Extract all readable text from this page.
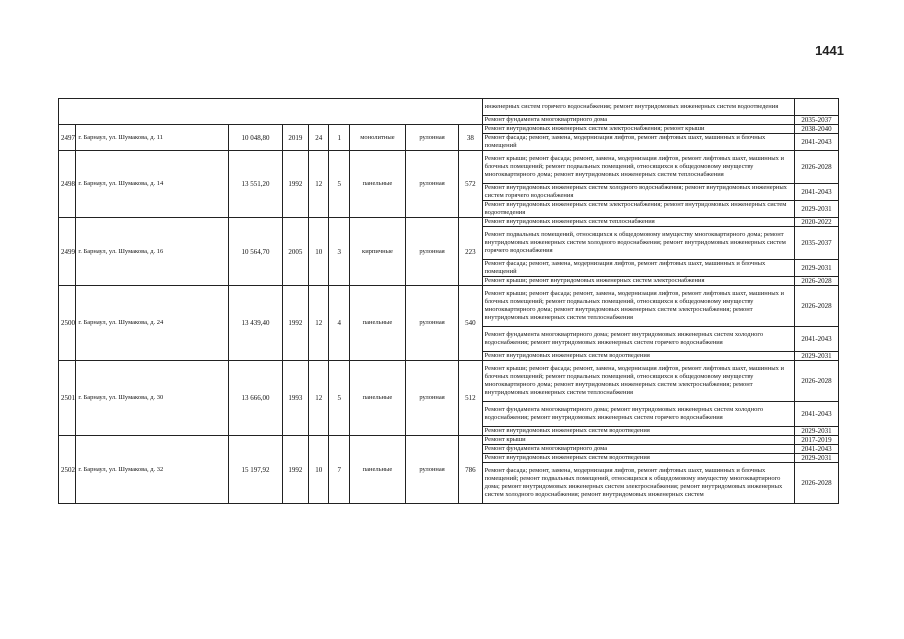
1441
									инженерных систем горячего водоснабжения; ремонт внутридомовых инженерных систем водоотведения	
									Ремонт фундамента многоквартирного дома	2035-2037
2497	г. Барнаул, ул. Шумакова, д. 11	10 048,80	2019	24	1	монолитные	рулонная	38	Ремонт внутридомовых инженерных систем электроснабжения; ремонт крыши	2038-2040
									Ремонт фасада; ремонт, замена, модернизация лифтов, ремонт лифтовых шахт, машинных и блочных помещений	2041-2043
2498	г. Барнаул, ул. Шумакова, д. 14	13 551,20	1992	12	5	панельные	рулонная	572	Ремонт крыши; ремонт фасада; ремонт, замена, модернизация лифтов, ремонт лифтовых шахт, машинных и блочных помещений; ремонт подвальных помещений, относящихся к общедомовому имуществу многоквартирного дома; ремонт внутридомовых инженерных систем теплоснабжения	2026-2028
									Ремонт внутридомовых инженерных систем холодного водоснабжения; ремонт внутридомовых инженерных систем горячего водоснабжения	2041-2043
									Ремонт внутридомовых инженерных систем электроснабжения; ремонт внутридомовых инженерных систем водоотведения	2029-2031
2499	г. Барнаул, ул. Шумакова, д. 16	10 564,70	2005	10	3	кирпичные	рулонная	223	Ремонт внутридомовых инженерных систем теплоснабжения	2020-2022
									Ремонт подвальных помещений, относящихся к общедомовому имуществу многоквартирного дома; ремонт внутридомовых инженерных систем холодного водоснабжения; ремонт внутридомовых инженерных систем горячего водоснабжения	2035-2037
									Ремонт фасада; ремонт, замена, модернизация лифтов, ремонт лифтовых шахт, машинных и блочных помещений	2029-2031
									Ремонт крыши; ремонт внутридомовых инженерных систем электроснабжения	2026-2028
2500	г. Барнаул, ул. Шумакова, д. 24	13 439,40	1992	12	4	панельные	рулонная	540	Ремонт крыши; ремонт фасада; ремонт, замена, модернизация лифтов, ремонт лифтовых шахт, машинных и блочных помещений; ремонт подвальных помещений, относящихся к общедомовому имуществу многоквартирного дома; ремонт внутридомовых инженерных систем электроснабжения; ремонт внутридомовых инженерных систем теплоснабжения	2026-2028
									Ремонт фундамента многоквартирного дома; ремонт внутридомовых инженерных систем холодного водоснабжения; ремонт внутридомовых инженерных систем горячего водоснабжения	2041-2043
									Ремонт внутридомовых инженерных систем водоотведения	2029-2031
2501	г. Барнаул, ул. Шумакова, д. 30	13 666,00	1993	12	5	панельные	рулонная	512	Ремонт крыши; ремонт фасада; ремонт, замена, модернизация лифтов, ремонт лифтовых шахт, машинных и блочных помещений; ремонт подвальных помещений, относящихся к общедомовому имуществу многоквартирного дома; ремонт внутридомовых инженерных систем электроснабжения; ремонт внутридомовых инженерных систем теплоснабжения	2026-2028
									Ремонт фундамента многоквартирного дома; ремонт внутридомовых инженерных систем холодного водоснабжения; ремонт внутридомовых инженерных систем горячего водоснабжения	2041-2043
									Ремонт внутридомовых инженерных систем водоотведения	2029-2031
2502	г. Барнаул, ул. Шумакова, д. 32	15 197,92	1992	10	7	панельные	рулонная	786	Ремонт крыши	2017-2019
									Ремонт фундамента многоквартирного дома	2041-2043
									Ремонт внутридомовых инженерных систем водоотведения	2029-2031
									Ремонт фасада; ремонт, замена, модернизация лифтов, ремонт лифтовых шахт, машинных и блочных помещений; ремонт подвальных помещений, относящихся к общедомовому имуществу многоквартирного дома; ремонт внутридомовых инженерных систем электроснабжения; ремонт внутридомовых инженерных систем холодного водоснабжения; ремонт внутридомовых инженерных систем	2026-2028
